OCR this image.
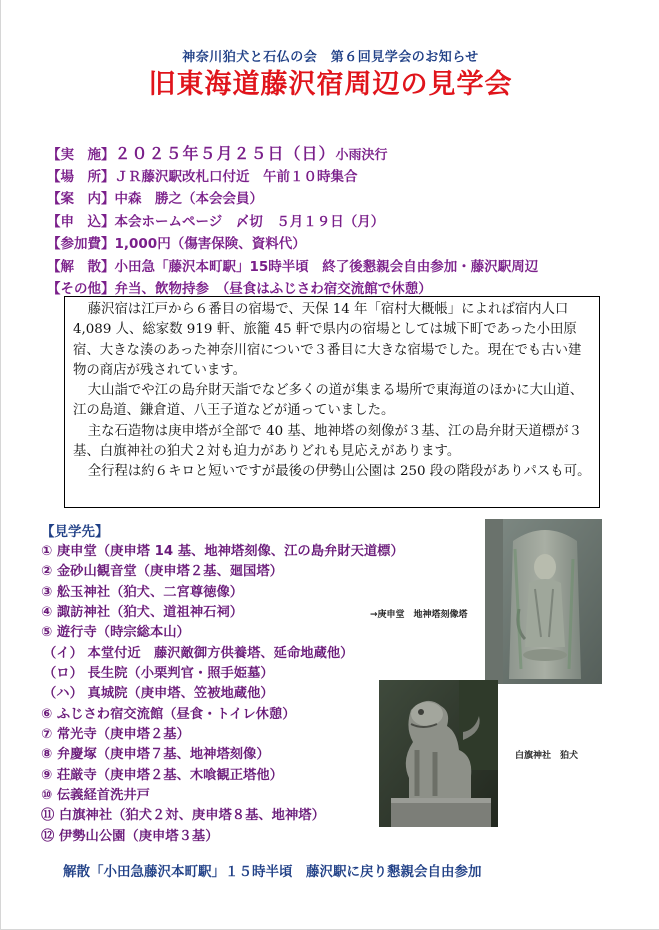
神奈川狛犬と石仏の会　第６回見学会のお知らせ
旧東海道藤沢宿周辺の見学会
【実　施】２０２５年５月２５日（日）小雨決行
【場　所】ＪＲ藤沢駅改札口付近　午前１０時集合
【案　内】中森　勝之（本会会員）
【申　込】本会ホームページ　〆切　５月１９日（月）
【参加費】1,000円（傷害保険、資料代）
【解　散】小田急「藤沢本町駅」15時半頃　終了後懇親会自由参加・藤沢駅周辺
【その他】弁当、飲物持参　（昼食はふじさわ宿交流館で休憩）

藤沢宿は江戸から６番目の宿場で、天保 14 年「宿村大概帳」によれば宿内人口 4,089 人、総家数 919 軒、旅籠 45 軒で県内の宿場としては城下町であった小田原宿、大きな湊のあった神奈川宿についで３番目に大きな宿場でした。現在でも古い建物の商店が残されています。

大山詣でや江の島弁財天詣でなど多くの道が集まる場所で東海道のほかに大山道、江の島道、鎌倉道、八王子道などが通っていました。

主な石造物は庚申塔が全部で 40 基、地神塔の刻像が３基、江の島弁財天道標が３基、白旗神社の狛犬２対も迫力がありどれも見応えがあります。

全行程は約６キロと短いですが最後の伊勢山公園は 250 段の階段がありパスも可。

【見学先】
① 庚申堂（庚申塔 14 基、地神塔刻像、江の島弁財天道標）
② 金砂山観音堂（庚申塔２基、廻国塔）
③ 舩玉神社（狛犬、二宮尊徳像）
④ 諏訪神社（狛犬、道祖神石祠）
⑤ 遊行寺（時宗総本山）
（イ） 本堂付近　藤沢敵御方供養塔、延命地蔵他）
（ロ） 長生院（小栗判官・照手姫墓）
（ハ） 真城院（庚申塔、笠被地蔵他）
⑥ ふじさわ宿交流館（昼食・トイレ休憩）
⑦ 常光寺（庚申塔２基）
⑧ 弁慶塚（庚申塔７基、地神塔刻像）
⑨ 荘厳寺（庚申塔２基、木喰観正塔他）
⑩ 伝義経首洗井戸
⑪ 白旗神社（狛犬２対、庚申塔８基、地神塔）
⑫ 伊勢山公園（庚申塔３基）
→庚申堂　地神塔刻像塔
白旗神社　狛犬
解散「小田急藤沢本町駅」１５時半頃　藤沢駅に戻り懇親会自由参加
